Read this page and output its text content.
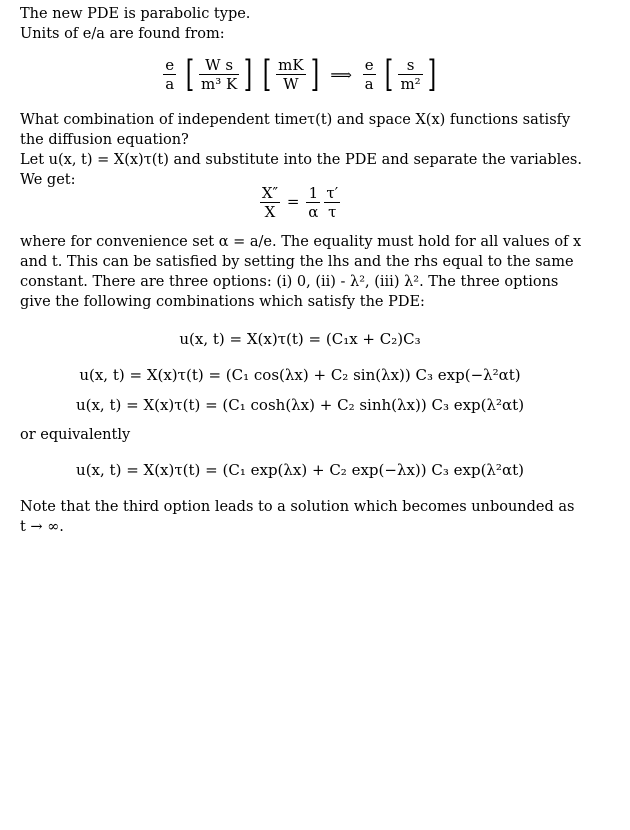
The new PDE is parabolic type.
Units of e/a are found from:
$\frac{e}{a}$ [ $\frac{\text{W s}}{\text{m³ K}}$ ] [ $\frac{mK}{W}$ ] ⟹ $\frac{e}{a}$ [ $\frac{s}{\text{m²}}$ ]
What combination of independent timeτ(t) and space X(x) functions satisfy
the diffusion equation?
Let u(x, t) = X(x)τ(t) and substitute into the PDE and separate the variables.
We get:
$\frac{X''}{X} = \frac{1}{\alpha} \frac{\tau'}{\tau}$
where for convenience set α = a/e. The equality must hold for all values of x
and t. This can be satisfied by setting the lhs and the rhs equal to the same
constant. There are three options: (i) 0, (ii) - λ², (iii) λ². The three options
give the following combinations which satisfy the PDE:
u(x, t) = X(x)τ(t) = (C₁x + C₂)C₃
u(x, t) = X(x)τ(t) = (C₁ cos(λx) + C₂ sin(λx)) C₃ exp(−λ²αt)
u(x, t) = X(x)τ(t) = (C₁ cosh(λx) + C₂ sinh(λx)) C₃ exp(λ²αt)
or equivalently
u(x, t) = X(x)τ(t) = (C₁ exp(λx) + C₂ exp(−λx)) C₃ exp(λ²αt)
Note that the third option leads to a solution which becomes unbounded as
t → ∞.
